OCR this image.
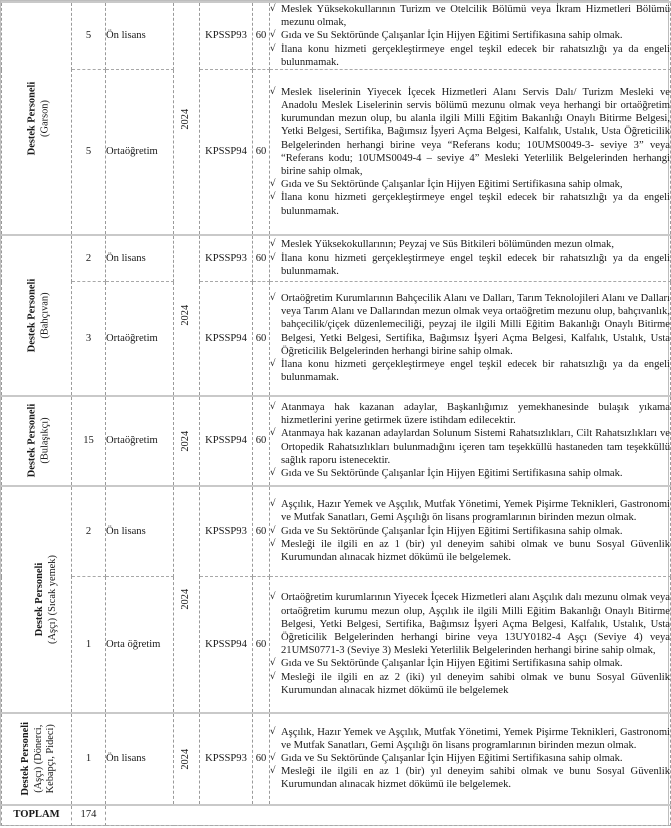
Destek Personeli (Garson)	5	Ön lisans	2024	KPSSP93	60	
√ Meslek Yüksekokullarının Turizm ve Otelcilik Bölümü veya İkram Hizmetleri Bölümü mezunu olmak,
√ Gıda ve Su Sektöründe Çalışanlar İçin Hijyen Eğitimi Sertifikasına sahip olmak.
√ İlana konu hizmeti gerçekleştirmeye engel teşkil edecek bir rahatsızlığı ya da engeli bulunmamak.

5	Ortaöğretim	KPSSP94	60	
√ Meslek liselerinin Yiyecek İçecek Hizmetleri Alanı Servis Dalı/ Turizm Mesleki ve Anadolu Meslek Liselerinin servis bölümü mezunu olmak veya herhangi bir ortaöğretim kurumundan mezun olup, bu alanla ilgili Milli Eğitim Bakanlığı Onaylı Bitirme Belgesi, Yetki Belgesi, Sertifika, Bağımsız İşyeri Açma Belgesi, Kalfalık, Ustalık, Usta Öğreticilik Belgelerinden herhangi birine veya “Referans kodu; 10UMS0049-3- seviye 3” veya “Referans kodu; 10UMS0049-4 – seviye 4” Mesleki Yeterlilik Belgelerinden herhangi birine sahip olmak,
√ Gıda ve Su Sektöründe Çalışanlar İçin Hijyen Eğitimi Sertifikasına sahip olmak,
√ İlana konu hizmeti gerçekleştirmeye engel teşkil edecek bir rahatsızlığı ya da engeli bulunmamak.

Destek Personeli (Bahçıvan)	2	Ön lisans	2024	KPSSP93	60	
√ Meslek Yüksekokullarının; Peyzaj ve Süs Bitkileri bölümünden mezun olmak,
√ İlana konu hizmeti gerçekleştirmeye engel teşkil edecek bir rahatsızlığı ya da engeli bulunmamak.

	3	Ortaöğretim		KPSSP94	60	√ Ortaöğretim Kurumlarının Bahçecilik Alanı ve Dalları, Tarım Teknolojileri Alanı ve Dalları veya Tarım Alanı ve Dallarından mezun olmak veya ortaöğretim mezunu olup, bahçıvanlık, bahçecilik/çiçek düzenlemeciliği, peyzaj ile ilgili Milli Eğitim Bakanlığı Onaylı Bitirme Belgesi, Yetki Belgesi, Sertifika, Bağımsız İşyeri Açma Belgesi, Kalfalık, Ustalık, Usta Öğreticilik Belgelerinden herhangi birine sahip olmak.
√ İlana konu hizmeti gerçekleştirmeye engel teşkil edecek bir rahatsızlığı ya da engeli bulunmamak.

Destek Personeli (Bulaşıkçı)	15	Ortaöğretim	2024	KPSSP94	60	
√ Atanmaya hak kazanan adaylar, Başkanlığımız yemekhanesinde bulaşık yıkama hizmetlerini yerine getirmek üzere istihdam edilecektir.
√ Atanmaya hak kazanan adaylardan Solunum Sistemi Rahatsızlıkları, Cilt Rahatsızlıkları ve Ortopedik Rahatsızlıkları bulunmadığını içeren tam teşekküllü hastaneden tam teşekküllü sağlık raporu istenecektir.
√ Gıda ve Su Sektöründe Çalışanlar İçin Hijyen Eğitimi Sertifikasına sahip olmak.

Destek Personeli (Aşçı) (Sıcak yemek)	2	Ön lisans	2024	KPSSP93	60	
√ Aşçılık, Hazır Yemek ve Aşçılık, Mutfak Yönetimi, Yemek Pişirme Teknikleri, Gastronomi ve Mutfak Sanatları, Gemi Aşçılığı ön lisans programlarının birinden mezun olmak.
√ Gıda ve Su Sektöründe Çalışanlar İçin Hijyen Eğitimi Sertifikasına sahip olmak.
√ Mesleği ile ilgili en az 1 (bir) yıl deneyim sahibi olmak ve bunu Sosyal Güvenlik Kurumundan alınacak hizmet dökümü ile belgelemek.

1	Orta öğretim	KPSSP94	60	
√ Ortaöğretim kurumlarının Yiyecek İçecek Hizmetleri alanı Aşçılık dalı mezunu olmak veya ortaöğretim kurumu mezun olup, Aşçılık ile ilgili Milli Eğitim Bakanlığı Onaylı Bitirme Belgesi, Yetki Belgesi, Sertifika, Bağımsız İşyeri Açma Belgesi, Kalfalık, Ustalık, Usta Öğreticilik Belgelerinden herhangi birine veya 13UY0182-4 Aşçı (Seviye 4) veya 21UMS0771-3 (Seviye 3) Mesleki Yeterlilik Belgelerinden herhangi birine sahip olmak,
√ Gıda ve Su Sektöründe Çalışanlar İçin Hijyen Eğitimi Sertifikasına sahip olmak.
√ Mesleği ile ilgili en az 2 (iki) yıl deneyim sahibi olmak ve bunu Sosyal Güvenlik Kurumundan alınacak hizmet dökümü ile belgelemek

Destek Personeli (Aşçı) (Dönerci, Kebapçı, Pideci)	1	Ön lisans	2024	KPSSP93	60	
√ Aşçılık, Hazır Yemek ve Aşçılık, Mutfak Yönetimi, Yemek Pişirme Teknikleri, Gastronomi ve Mutfak Sanatları, Gemi Aşçılığı ön lisans programlarının birinden mezun olmak.
√ Gıda ve Su Sektöründe Çalışanlar İçin Hijyen Eğitimi Sertifikasına sahip olmak.
√ Mesleği ile ilgili en az 1 (bir) yıl deneyim sahibi olmak ve bunu Sosyal Güvenlik Kurumundan alınacak hizmet dökümü ile belgelemek.

TOPLAM	174					
